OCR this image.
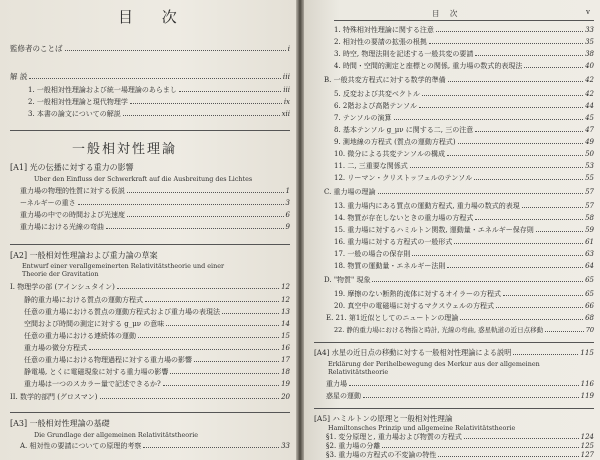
目 次
監修者のことば	i
解 説	iii
1. 一般相対性理論および統一場理論のあらまし	iii
2. 一般相対性理論と現代物理学	ix
3. 本書の論文についての解説	xii
一般相対性理論
[A1] 光の伝播に対する重力の影響
Uber den Einfluss der Schwerkraft auf die Ausbreitung des Lichtes
重力場の物理的性質に対する仮説	1
ーネルギーの重さ	3
重力場の中での時間および光速度	6
重力場における光線の弯曲	9
[A2] 一般相対性理論および重力論の草案
Entwurf einer verallgemeinerten Relativitätstheorie und einer
Theorie der Gravitation
I. 物理学の部 (アインシュタイン)	12
静的重力場における質点の運動方程式	12
任意の重力場における質点の運動方程式および重力場の表現法	13
空間および時間の測定に対する g_μν の意味	14
任意の重力場における連続体の運動	15
重力場の微分方程式	16
任意の重力場における物理過程に対する重力場の影響	17
静電場, とくに電磁現象に対する重力場の影響	18
重力場は一つのスカラー量で記述できるか?	19
II. 数学的部門 (グロスマン)	20
[A3] 一般相対性理論の基礎
Die Grundlage der allgemeinen Relativitätstheorie
A. 相対性の要請についての原理的考察	33
目 次	v
1. 特殊相対性理論に関する注意	33
2. 相対性の要請の拡張の根拠	35
3. 時空, 物理法則を記述する一般共変の要請	38
4. 時間・空間的測定と座標との関係, 重力場の数式的表現法	40
B. 一般共変方程式に対する数学的準備	42
5. 反変および共変ベクトル	42
6. 2階および高階テンソル	44
7. テンソルの演算	45
8. 基本テンソル g_μν に関する二, 三の注意	47
9. 測地線の方程式 (質点の運動方程式)	49
10. 微分による共変テンソルの構成	50
11. 二, 三重要な関係式	53
12. リーマン・クリストッフェルのテンソル	55
C. 重力場の理論	57
13. 重力場内にある質点の運動方程式, 重力場の数式的表現	57
14. 物質が存在しないときの重力場の方程式	58
15. 重力場に対するハミルトン関数, 運動量・エネルギー保存則	59
16. 重力場に対する方程式の一般形式	61
17. 一般の場合の保存則	63
18. 物質の運動量・エネルギー法則	64
D. "物質" 現象	65
19. 摩擦のない断熱的流体に対するオイラーの方程式	65
20. 真空中の電磁場に対するマクスウェルの方程式	66
E. 21. 第1近似としてのニュートンの理論	68
22. 静的重力場における物指と時計, 光線の弯曲, 惑星軌道の近日点移動	70
[A4] 水星の近日点の移動に対する一般相対性理論による説明	115
Erklärung der Perihelbewegung des Merkur aus der allgemeinen
Relativitätstheorie
重力場	116
惑星の運動	119
[A5] ハミルトンの原理と一般相対性理論
Hamiltonsches Prinzip und allgemeine Relativitätstheorie
§1. 変分原理と, 重力場および物質の方程式	124
§2. 重力場の分離	125
§3. 重力場の方程式の不変論の特性	127
